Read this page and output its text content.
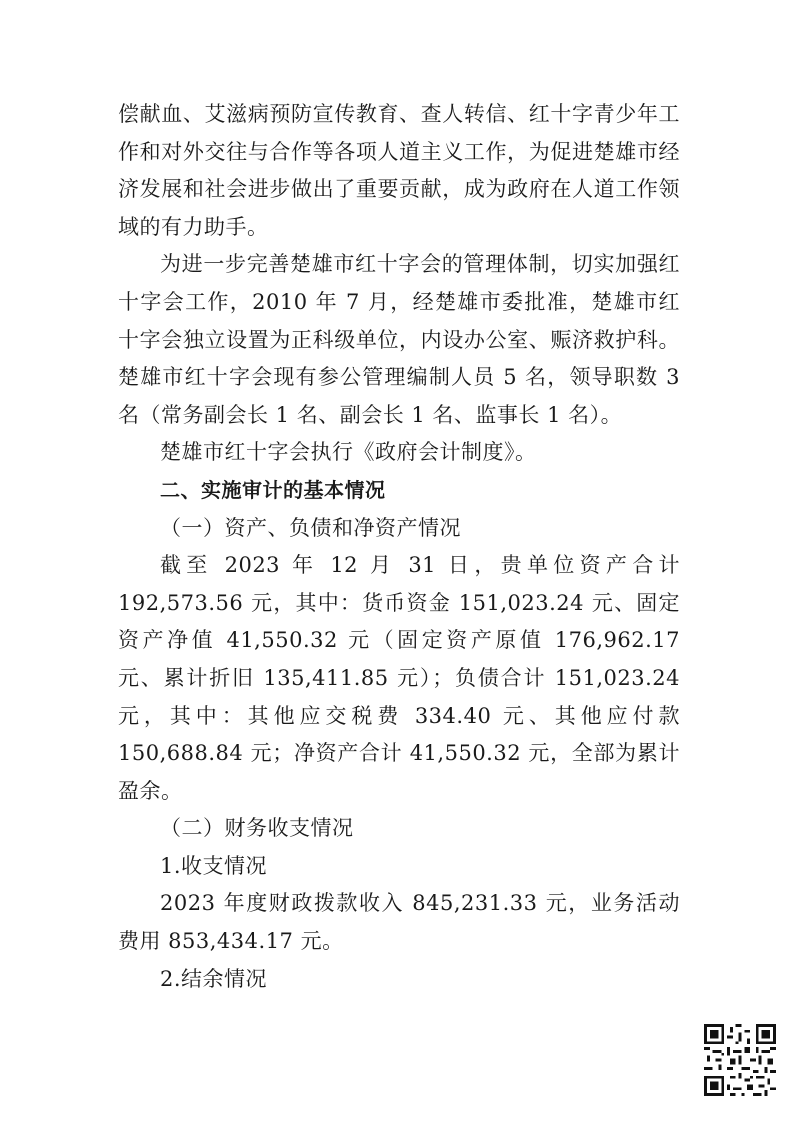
偿献血、艾滋病预防宣传教育、查人转信、红十字青少年工作和对外交往与合作等各项人道主义工作，为促进楚雄市经济发展和社会进步做出了重要贡献，成为政府在人道工作领域的有力助手。

为进一步完善楚雄市红十字会的管理体制，切实加强红十字会工作，2010 年 7 月，经楚雄市委批准，楚雄市红十字会独立设置为正科级单位，内设办公室、赈济救护科。楚雄市红十字会现有参公管理编制人员 5 名，领导职数 3 名（常务副会长 1 名、副会长 1 名、监事长 1 名）。

楚雄市红十字会执行《政府会计制度》。

二、实施审计的基本情况

（一）资产、负债和净资产情况

截至 2023 年 12 月 31 日，贵单位资产合计 192,573.56 元，其中：货币资金 151,023.24 元、固定资产净值 41,550.32 元（固定资产原值 176,962.17 元、累计折旧 135,411.85 元）；负债合计 151,023.24 元，其中：其他应交税费 334.40 元、其他应付款 150,688.84 元；净资产合计 41,550.32 元，全部为累计盈余。

（二）财务收支情况

1.收支情况

2023 年度财政拨款收入 845,231.33 元，业务活动费用 853,434.17 元。

2.结余情况
